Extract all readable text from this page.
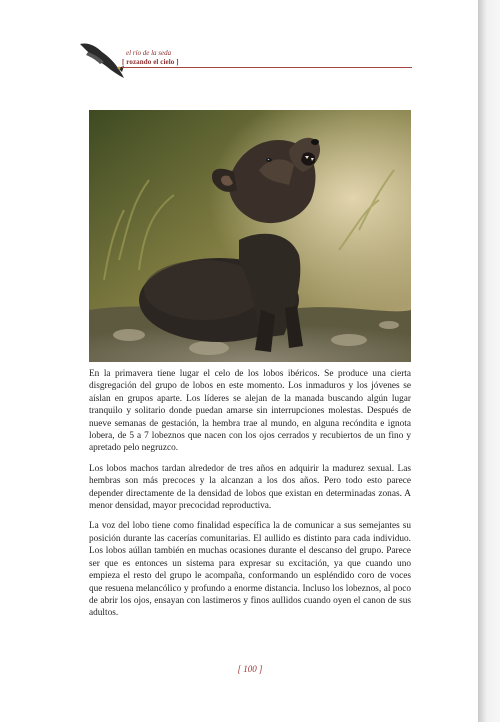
el río de la seda
[ rozando el cielo ]

En la primavera tiene lugar el celo de los lobos ibéricos. Se produce una cierta disgregación del grupo de lobos en este momento. Los inmaduros y los jóvenes se aíslan en grupos aparte. Los líderes se alejan de la manada buscando algún lugar tranquilo y solitario donde puedan amarse sin interrupciones molestas. Después de nueve semanas de gestación, la hembra trae al mundo, en alguna recóndita e ignota lobera, de 5 a 7 lobeznos que nacen con los ojos cerrados y recubiertos de un fino y apretado pelo negruzco.

Los lobos machos tardan alrededor de tres años en adquirir la madurez sexual. Las hembras son más precoces y la alcanzan a los dos años. Pero todo esto parece depender directamente de la densidad de lobos que existan en determinadas zonas. A menor densidad, mayor precocidad reproductiva.

La voz del lobo tiene como finalidad específica la de comunicar a sus semejantes su posición durante las cacerías comunitarias. El aullido es distinto para cada individuo. Los lobos aúllan también en muchas ocasiones durante el descanso del grupo. Parece ser que es entonces un sistema para expresar su excitación, ya que cuando uno empieza el resto del grupo le acompaña, conformando un espléndido coro de voces que resuena melancólico y profundo a enorme distancia. Incluso los lobeznos, al poco de abrir los ojos, ensayan con lastimeros y finos aullidos cuando oyen el canon de sus adultos.

[ 100 ]
